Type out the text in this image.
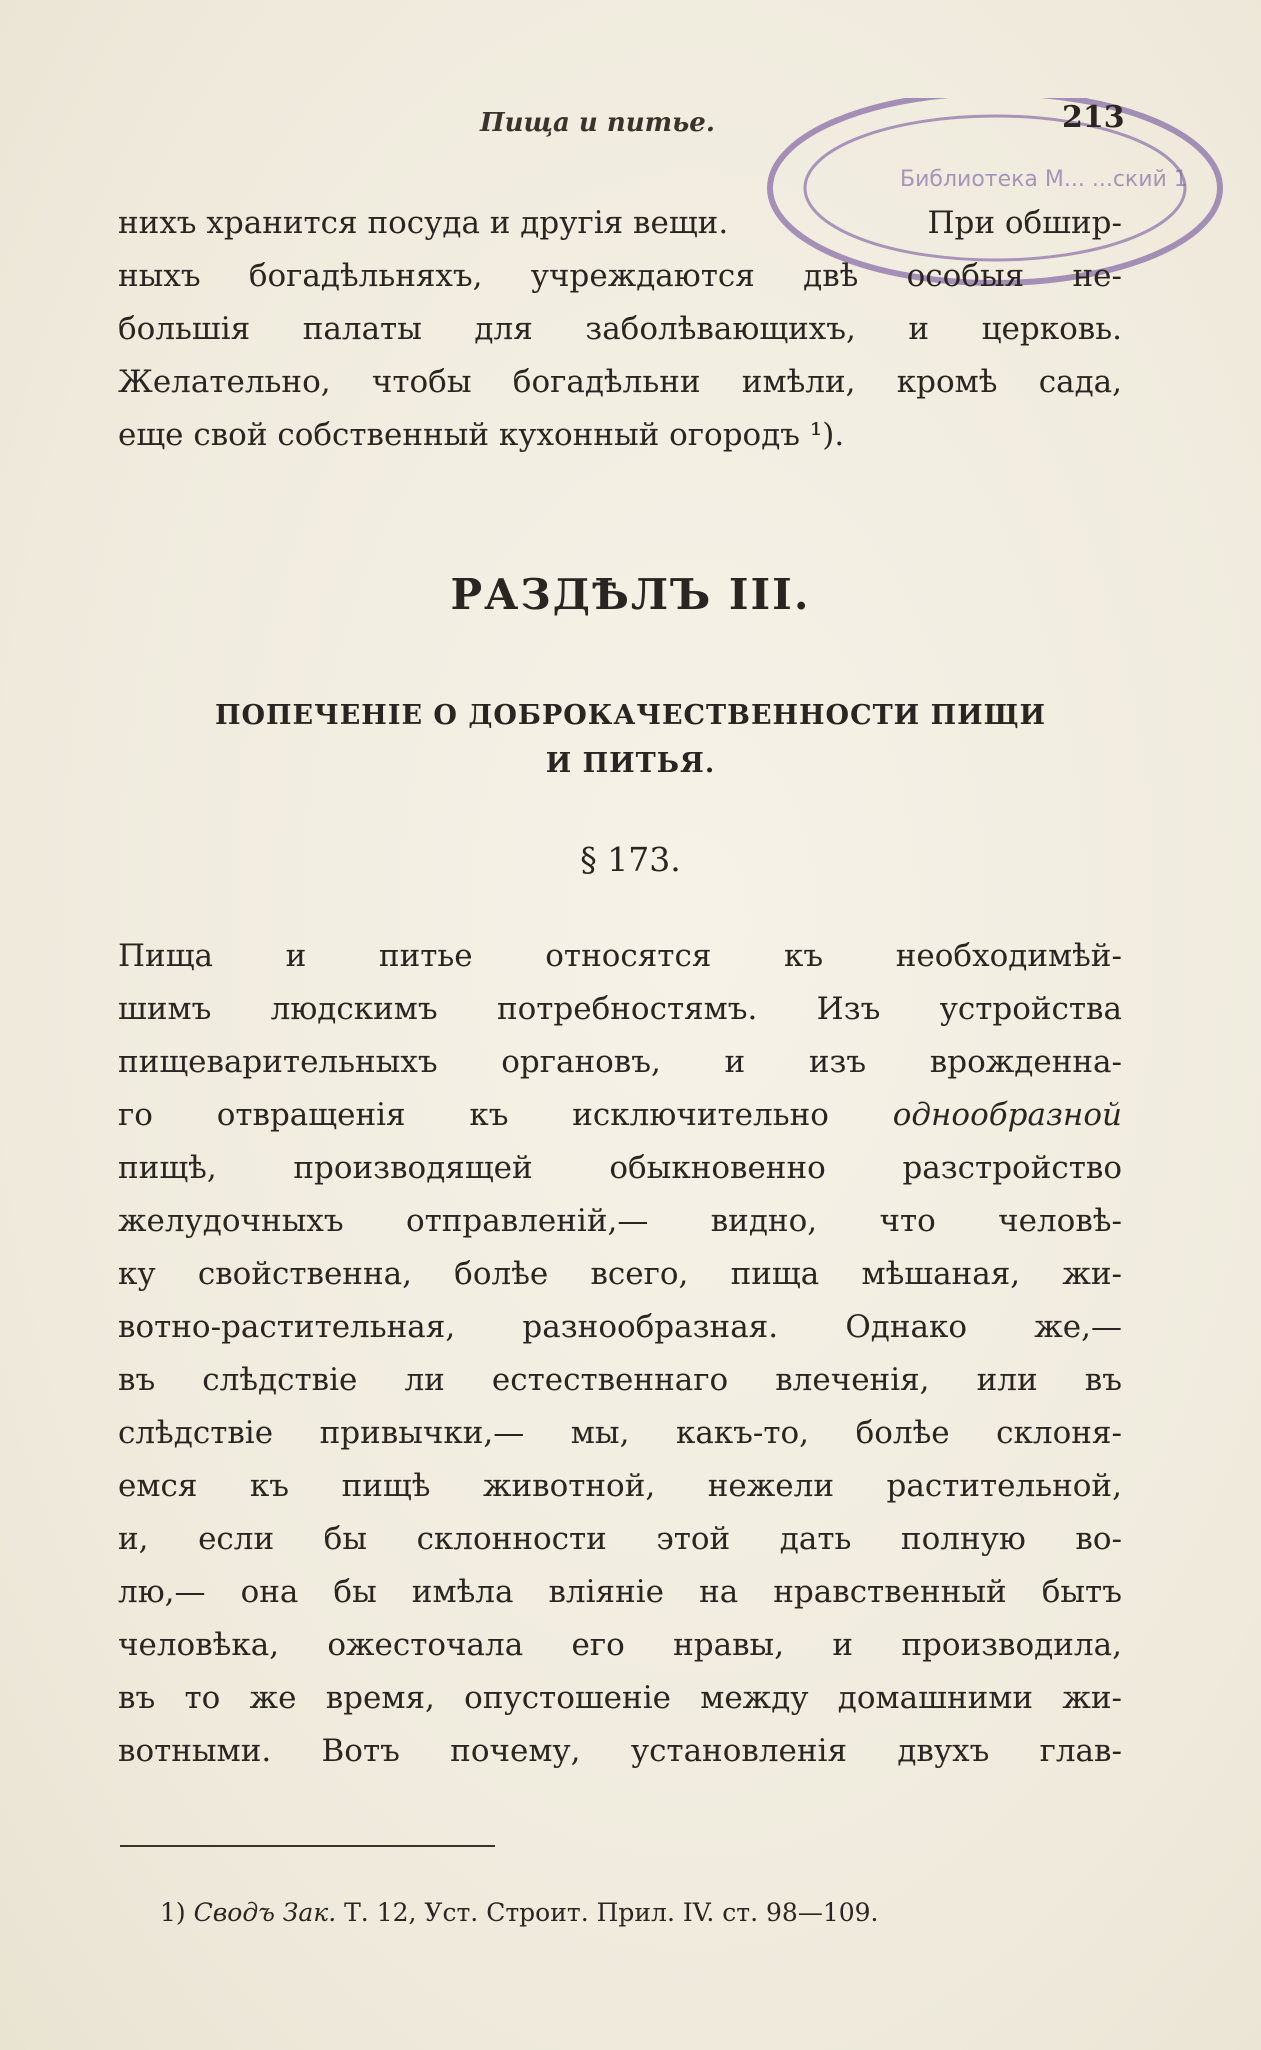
Пища и питье.
Библиотека М... ...ский 1
213
нихъ хранится посуда и другія вещи.	При обшир-
ныхъ богадѣльняхъ, учреждаются двѣ особыя не-
большія палаты для заболѣвающихъ, и церковь.
Желательно, чтобы богадѣльни имѣли, кромѣ сада,
еще свой собственный кухонный огородъ ¹).
РАЗДѢЛЪ III.
ПОПЕЧЕНІЕ О ДОБРОКАЧЕСТВЕННОСТИ ПИЩИ
И ПИТЬЯ.
§ 173.
Пища и питье относятся къ необходимѣй-
шимъ людскимъ потребностямъ. Изъ устройства
пищеварительныхъ органовъ, и изъ врожденна-
го отвращенія къ исключительно однообразной
пищѣ, производящей обыкновенно разстройство
желудочныхъ отправленій,— видно, что человѣ-
ку свойственна, болѣе всего, пища мѣшаная, жи-
вотно-растительная, разнообразная. Однако же,—
въ слѣдствіе ли естественнаго влеченія, или въ
слѣдствіе привычки,— мы, какъ-то, болѣе склоня-
емся къ пищѣ животной, нежели растительной,
и, если бы склонности этой дать полную во-
лю,— она бы имѣла вліяніе на нравственный бытъ
человѣка, ожесточала его нравы, и производила,
въ то же время, опустошеніе между домашними жи-
вотными. Вотъ почему, установленія двухъ глав-
1) Сводъ Зак. Т. 12, Уст. Строит. Прил. IV. ст. 98—109.
